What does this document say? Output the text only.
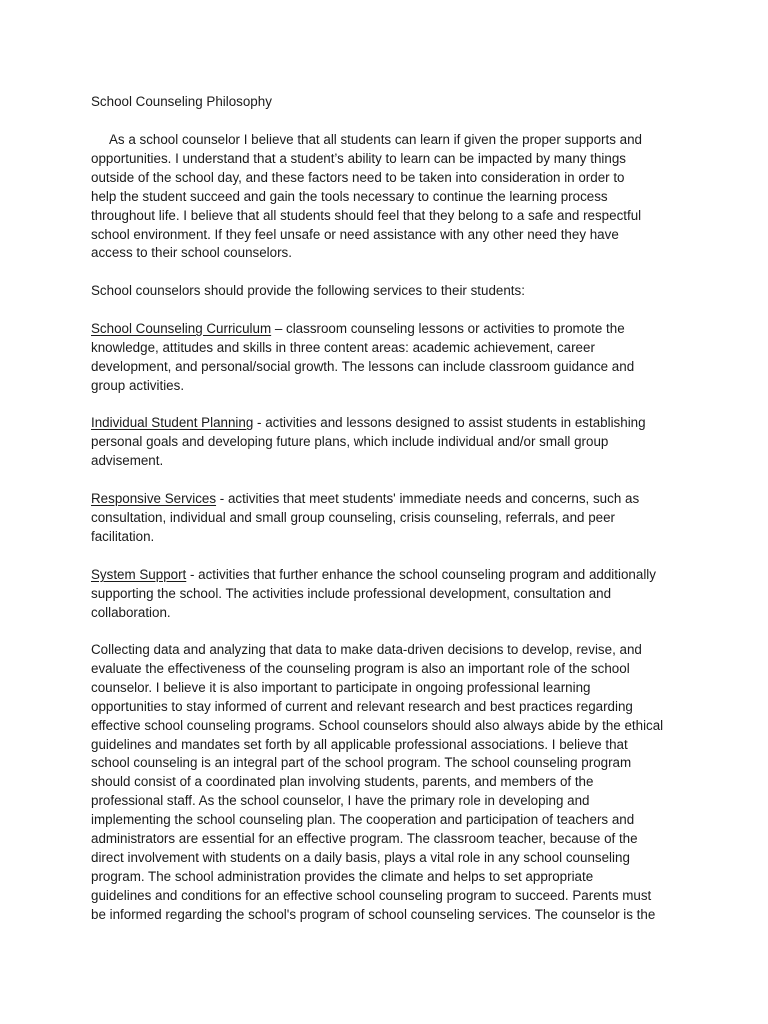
School Counseling Philosophy
As a school counselor I believe that all students can learn if given the proper supports and
opportunities. I understand that a student’s ability to learn can be impacted by many things
outside of the school day, and these factors need to be taken into consideration in order to
help the student succeed and gain the tools necessary to continue the learning process
throughout life. I believe that all students should feel that they belong to a safe and respectful
school environment. If they feel unsafe or need assistance with any other need they have
access to their school counselors.
School counselors should provide the following services to their students:
School Counseling Curriculum – classroom counseling lessons or activities to promote the
knowledge, attitudes and skills in three content areas: academic achievement, career
development, and personal/social growth. The lessons can include classroom guidance and
group activities.
Individual Student Planning - activities and lessons designed to assist students in establishing
personal goals and developing future plans, which include individual and/or small group
advisement.
Responsive Services - activities that meet students' immediate needs and concerns, such as
consultation, individual and small group counseling, crisis counseling, referrals, and peer
facilitation.
System Support - activities that further enhance the school counseling program and additionally
supporting the school. The activities include professional development, consultation and
collaboration.
Collecting data and analyzing that data to make data-driven decisions to develop, revise, and
evaluate the effectiveness of the counseling program is also an important role of the school
counselor. I believe it is also important to participate in ongoing professional learning
opportunities to stay informed of current and relevant research and best practices regarding
effective school counseling programs. School counselors should also always abide by the ethical
guidelines and mandates set forth by all applicable professional associations. I believe that
school counseling is an integral part of the school program. The school counseling program
should consist of a coordinated plan involving students, parents, and members of the
professional staff. As the school counselor, I have the primary role in developing and
implementing the school counseling plan. The cooperation and participation of teachers and
administrators are essential for an effective program. The classroom teacher, because of the
direct involvement with students on a daily basis, plays a vital role in any school counseling
program. The school administration provides the climate and helps to set appropriate
guidelines and conditions for an effective school counseling program to succeed. Parents must
be informed regarding the school's program of school counseling services. The counselor is the
